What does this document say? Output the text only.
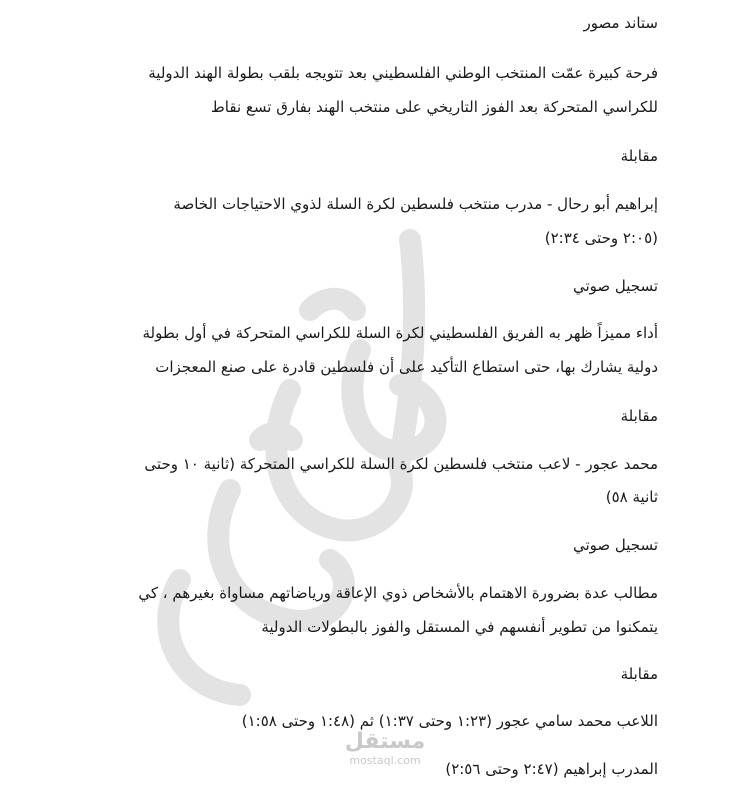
مستقل
mostaql.com
ستاند مصور
فرحة كبيرة عمّت المنتخب الوطني الفلسطيني بعد تتويجه بلقب بطولة الهند الدولية
للكراسي المتحركة بعد الفوز التاريخي على منتخب الهند بفارق تسع نقاط
مقابلة
إبراهيم أبو رحال - مدرب منتخب فلسطين لكرة السلة لذوي الاحتياجات الخاصة
(٢:٠٥ وحتى ٢:٣٤)
تسجيل صوتي
أداء مميزاً ظهر به الفريق الفلسطيني لكرة السلة للكراسي المتحركة في أول بطولة
دولية يشارك بها، حتى استطاع التأكيد على أن فلسطين قادرة على صنع المعجزات
مقابلة
محمد عجور - لاعب منتخب فلسطين لكرة السلة للكراسي المتحركة (ثانية ١٠ وحتى
ثانية ٥٨)
تسجيل صوتي
مطالب عدة بضرورة الاهتمام بالأشخاص ذوي الإعاقة ورياضاتهم مساواة بغيرهم ، كي
يتمكنوا من تطوير أنفسهم في المستقل والفوز بالبطولات الدولية
مقابلة
اللاعب محمد سامي عجور (١:٢٣ وحتى ١:٣٧) ثم (١:٤٨ وحتى ١:٥٨)
المدرب إبراهيم (٢:٤٧ وحتى ٢:٥٦)
